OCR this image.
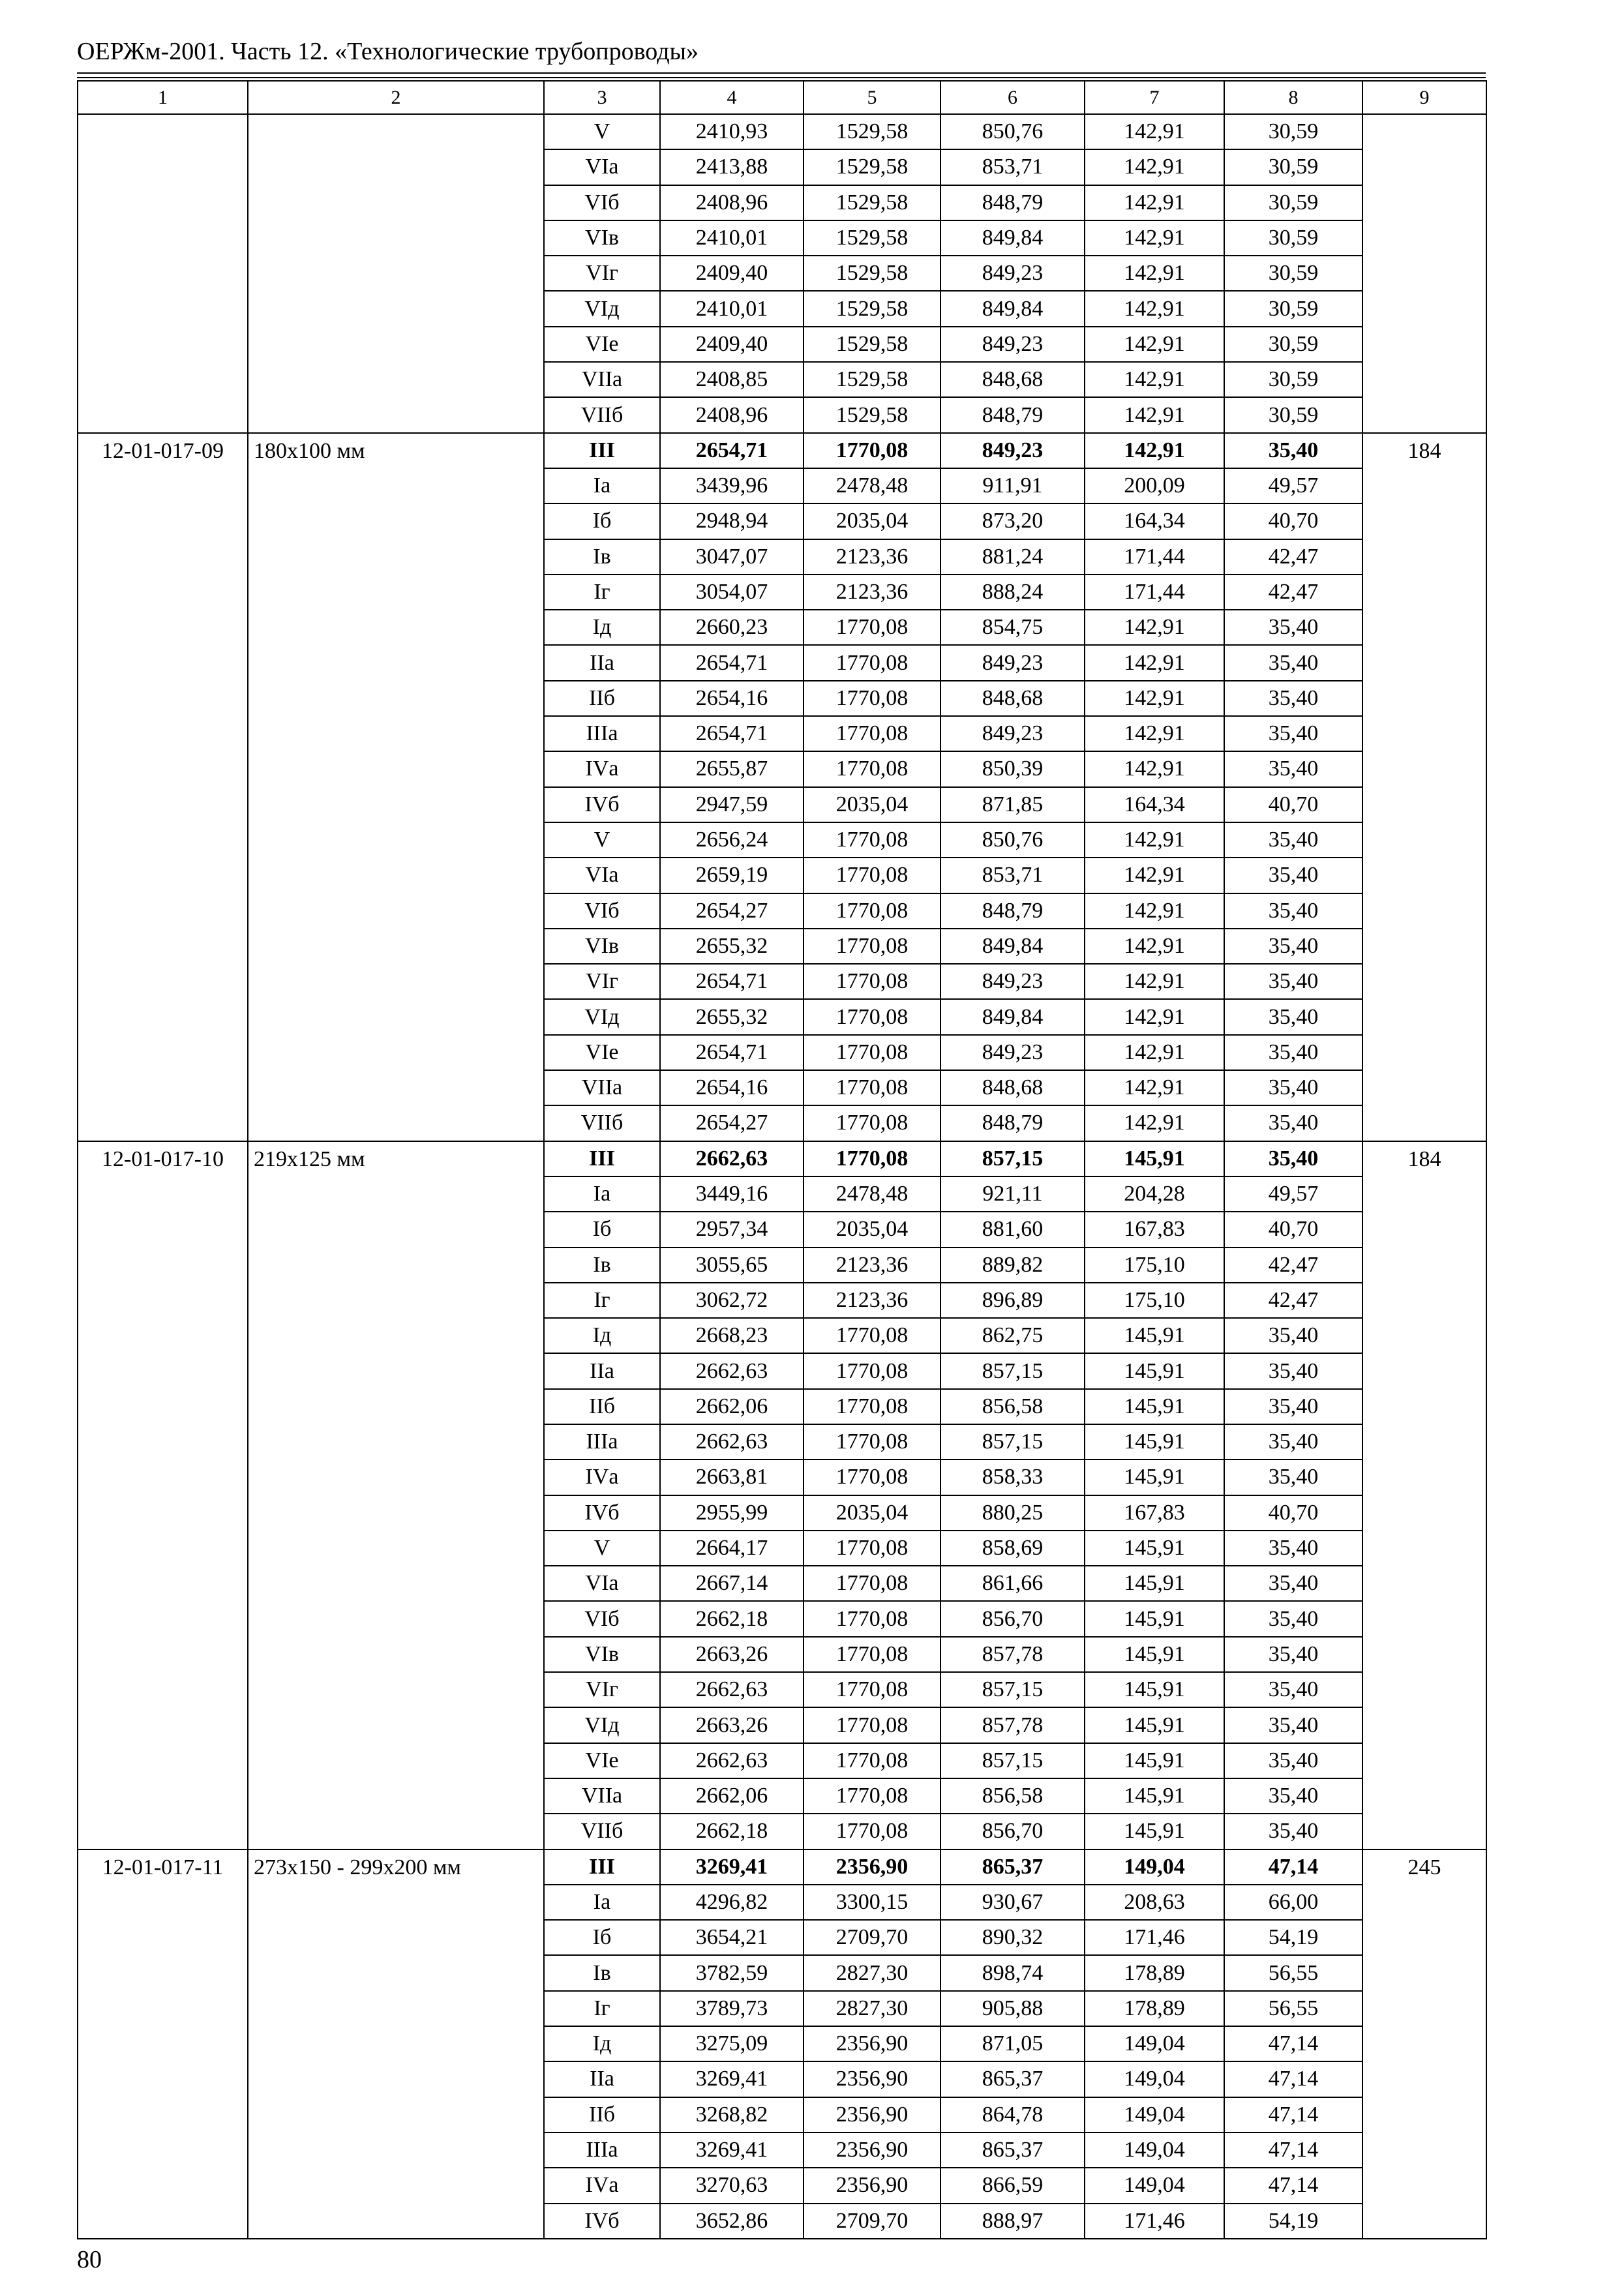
ОЕРЖм-2001. Часть 12. «Технологические трубопроводы»
1	2	3	4	5	6	7	8	9
		V	2410,93	1529,58	850,76	142,91	30,59	
		VIа	2413,88	1529,58	853,71	142,91	30,59	
		VIб	2408,96	1529,58	848,79	142,91	30,59	
		VIв	2410,01	1529,58	849,84	142,91	30,59	
		VIг	2409,40	1529,58	849,23	142,91	30,59	
		VIд	2410,01	1529,58	849,84	142,91	30,59	
		VIе	2409,40	1529,58	849,23	142,91	30,59	
		VIIа	2408,85	1529,58	848,68	142,91	30,59	
		VIIб	2408,96	1529,58	848,79	142,91	30,59	
12-01-017-09	180х100 мм	III	2654,71	1770,08	849,23	142,91	35,40	184
		Iа	3439,96	2478,48	911,91	200,09	49,57	
		Iб	2948,94	2035,04	873,20	164,34	40,70	
		Iв	3047,07	2123,36	881,24	171,44	42,47	
		Iг	3054,07	2123,36	888,24	171,44	42,47	
		Iд	2660,23	1770,08	854,75	142,91	35,40	
		IIа	2654,71	1770,08	849,23	142,91	35,40	
		IIб	2654,16	1770,08	848,68	142,91	35,40	
		IIIа	2654,71	1770,08	849,23	142,91	35,40	
		IVа	2655,87	1770,08	850,39	142,91	35,40	
		IVб	2947,59	2035,04	871,85	164,34	40,70	
		V	2656,24	1770,08	850,76	142,91	35,40	
		VIа	2659,19	1770,08	853,71	142,91	35,40	
		VIб	2654,27	1770,08	848,79	142,91	35,40	
		VIв	2655,32	1770,08	849,84	142,91	35,40	
		VIг	2654,71	1770,08	849,23	142,91	35,40	
		VIд	2655,32	1770,08	849,84	142,91	35,40	
		VIе	2654,71	1770,08	849,23	142,91	35,40	
		VIIа	2654,16	1770,08	848,68	142,91	35,40	
		VIIб	2654,27	1770,08	848,79	142,91	35,40	
12-01-017-10	219х125 мм	III	2662,63	1770,08	857,15	145,91	35,40	184
		Iа	3449,16	2478,48	921,11	204,28	49,57	
		Iб	2957,34	2035,04	881,60	167,83	40,70	
		Iв	3055,65	2123,36	889,82	175,10	42,47	
		Iг	3062,72	2123,36	896,89	175,10	42,47	
		Iд	2668,23	1770,08	862,75	145,91	35,40	
		IIа	2662,63	1770,08	857,15	145,91	35,40	
		IIб	2662,06	1770,08	856,58	145,91	35,40	
		IIIа	2662,63	1770,08	857,15	145,91	35,40	
		IVа	2663,81	1770,08	858,33	145,91	35,40	
		IVб	2955,99	2035,04	880,25	167,83	40,70	
		V	2664,17	1770,08	858,69	145,91	35,40	
		VIа	2667,14	1770,08	861,66	145,91	35,40	
		VIб	2662,18	1770,08	856,70	145,91	35,40	
		VIв	2663,26	1770,08	857,78	145,91	35,40	
		VIг	2662,63	1770,08	857,15	145,91	35,40	
		VIд	2663,26	1770,08	857,78	145,91	35,40	
		VIе	2662,63	1770,08	857,15	145,91	35,40	
		VIIа	2662,06	1770,08	856,58	145,91	35,40	
		VIIб	2662,18	1770,08	856,70	145,91	35,40	
12-01-017-11	273х150 - 299х200 мм	III	3269,41	2356,90	865,37	149,04	47,14	245
		Iа	4296,82	3300,15	930,67	208,63	66,00	
		Iб	3654,21	2709,70	890,32	171,46	54,19	
		Iв	3782,59	2827,30	898,74	178,89	56,55	
		Iг	3789,73	2827,30	905,88	178,89	56,55	
		Iд	3275,09	2356,90	871,05	149,04	47,14	
		IIа	3269,41	2356,90	865,37	149,04	47,14	
		IIб	3268,82	2356,90	864,78	149,04	47,14	
		IIIа	3269,41	2356,90	865,37	149,04	47,14	
		IVа	3270,63	2356,90	866,59	149,04	47,14	
		IVб	3652,86	2709,70	888,97	171,46	54,19	
80
